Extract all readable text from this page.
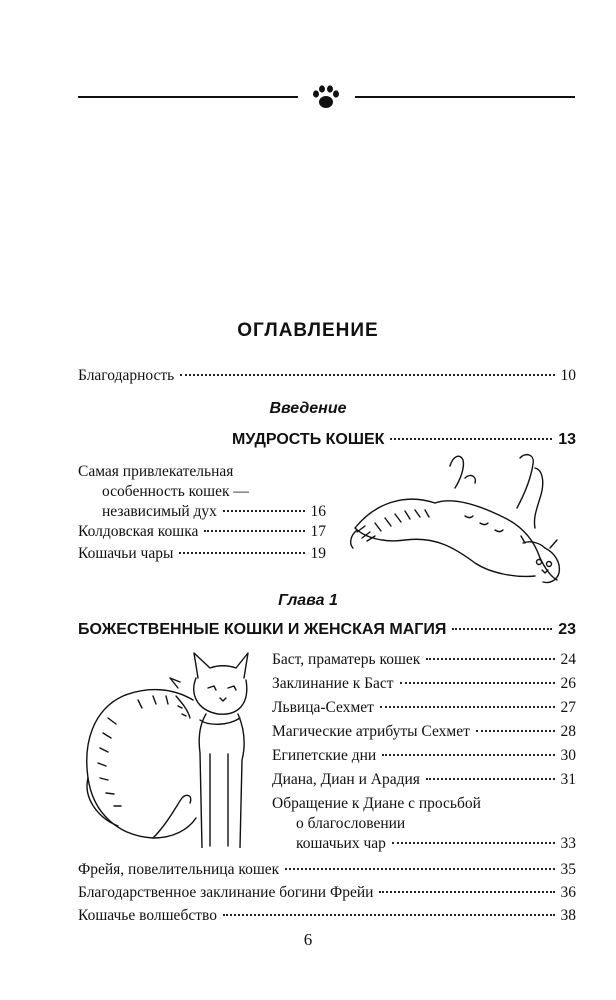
ОГЛАВЛЕНИЕ
Благодарность	10
Введение
МУДРОСТЬ КОШЕК	13
Самая привлекательная
особенность кошек —
независимый дух	16
Колдовская кошка	17
Кошачьи чары	19
Глава 1
БОЖЕСТВЕННЫЕ КОШКИ И ЖЕНСКАЯ МАГИЯ	23
Баст, праматерь кошек	24
Заклинание к Баст	26
Львица-Сехмет	27
Магические атрибуты Сехмет	28
Египетские дни	30
Диана, Диан и Арадия	31
Обращение к Диане с просьбой
о благословении
кошачьих чар	33
Фрейя, повелительница кошек	35
Благодарственное заклинание богини Фрейи	36
Кошачье волшебство	38
6
